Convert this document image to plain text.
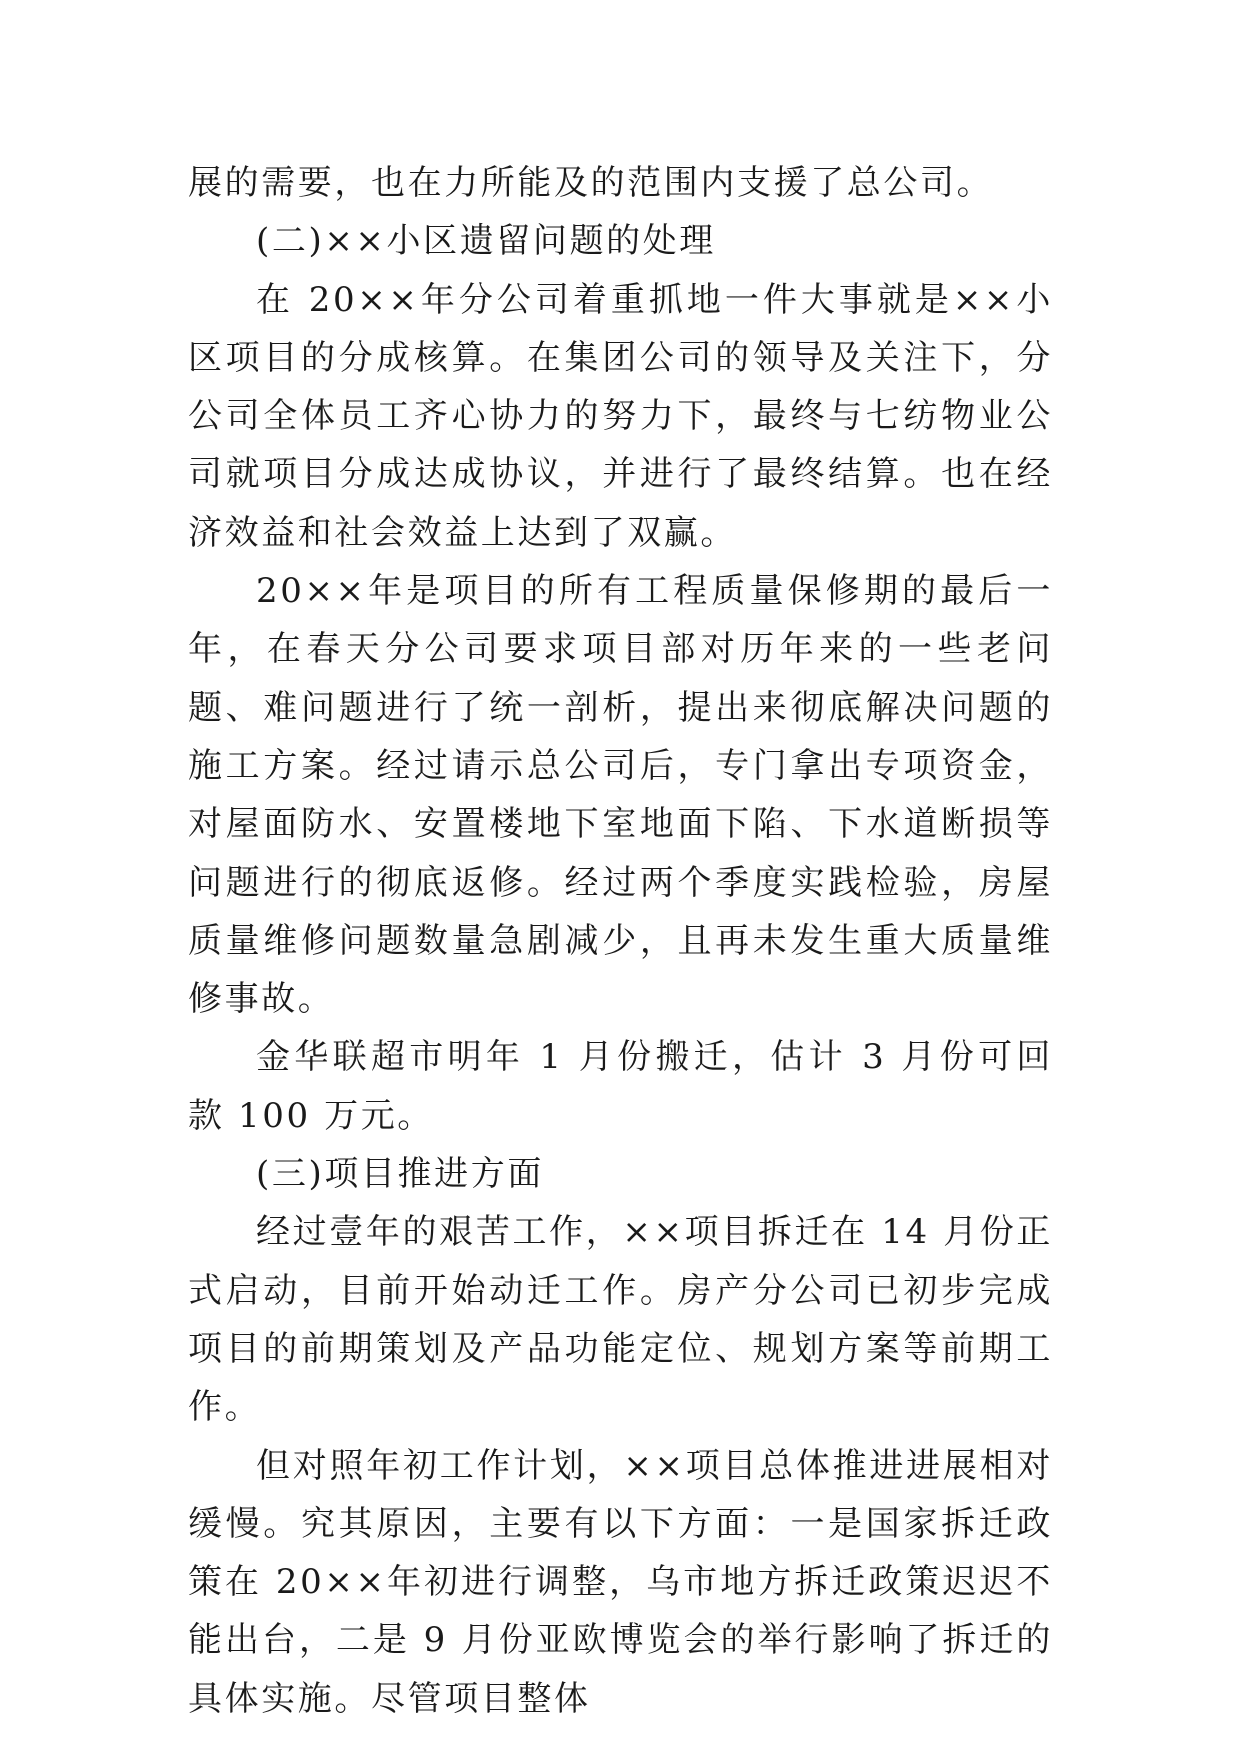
展的需要，也在力所能及的范围内支援了总公司。

(二)××小区遗留问题的处理

在 20××年分公司着重抓地一件大事就是××小区项目的分成核算。在集团公司的领导及关注下，分公司全体员工齐心协力的努力下，最终与七纺物业公司就项目分成达成协议，并进行了最终结算。也在经济效益和社会效益上达到了双赢。

20××年是项目的所有工程质量保修期的最后一年，在春天分公司要求项目部对历年来的一些老问题、难问题进行了统一剖析，提出来彻底解决问题的施工方案。经过请示总公司后，专门拿出专项资金，对屋面防水、安置楼地下室地面下陷、下水道断损等问题进行的彻底返修。经过两个季度实践检验，房屋质量维修问题数量急剧减少，且再未发生重大质量维修事故。

金华联超市明年 1 月份搬迁，估计 3 月份可回款 100 万元。

(三)项目推进方面

经过壹年的艰苦工作，××项目拆迁在 14 月份正式启动，目前开始动迁工作。房产分公司已初步完成项目的前期策划及产品功能定位、规划方案等前期工作。

但对照年初工作计划，××项目总体推进进展相对缓慢。究其原因，主要有以下方面：一是国家拆迁政策在 20××年初进行调整，乌市地方拆迁政策迟迟不能出台，二是 9 月份亚欧博览会的举行影响了拆迁的具体实施。尽管项目整体
